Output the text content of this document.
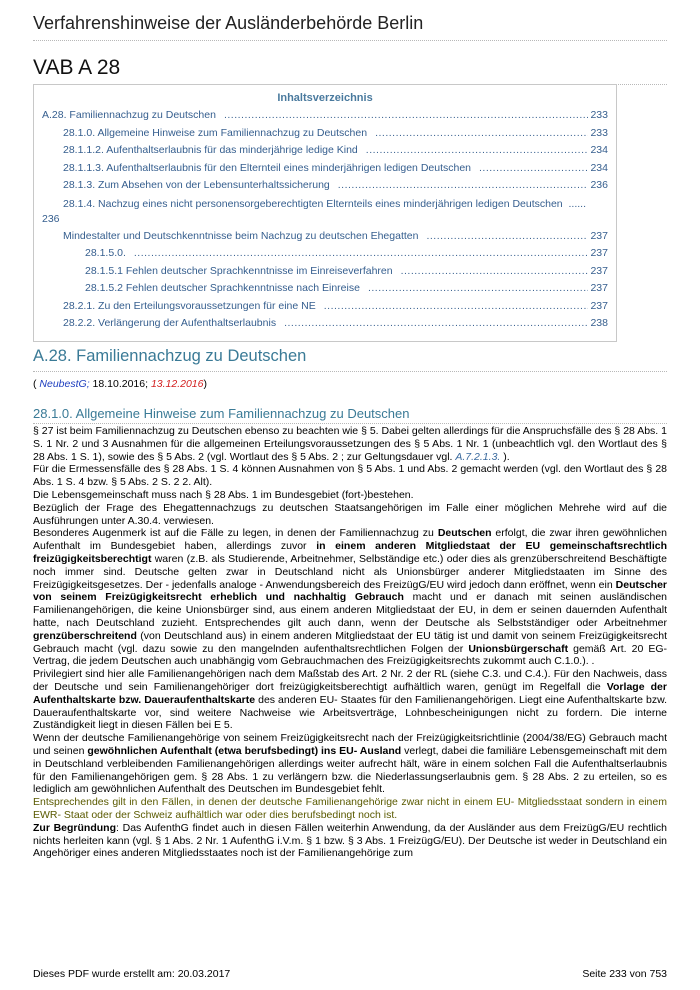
Verfahrenshinweise der Ausländerbehörde Berlin
VAB A 28
Inhaltsverzeichnis
A.28. Familiennachzug zu Deutschen .....	233
28.1.0. Allgemeine Hinweise zum Familiennachzug zu Deutschen .....	233
28.1.1.2. Aufenthaltserlaubnis für das minderjährige ledige Kind .....	234
28.1.1.3. Aufenthaltserlaubnis für den Elternteil eines minderjährigen ledigen Deutschen .....	234
28.1.3. Zum Absehen von der Lebensunterhaltssicherung .....	236
28.1.4. Nachzug eines nicht personensorgeberechtigten Elternteils eines minderjährigen ledigen Deutschen ......
236
Mindestalter und Deutschkenntnisse beim Nachzug zu deutschen Ehegatten .....	237
28.1.5.0. .....	237
28.1.5.1 Fehlen deutscher Sprachkenntnisse im Einreiseverfahren .....	237
28.1.5.2 Fehlen deutscher Sprachkenntnisse nach Einreise .....	237
28.2.1. Zu den Erteilungsvoraussetzungen für eine NE .....	237
28.2.2. Verlängerung der Aufenthaltserlaubnis .....	238
A.28. Familiennachzug zu Deutschen
( NeubestG; 18.10.2016; 13.12.2016)
28.1.0. Allgemeine Hinweise zum Familiennachzug zu Deutschen

§ 27 ist beim Familiennachzug zu Deutschen ebenso zu beachten wie § 5. Dabei gelten allerdings für die Anspruchsfälle des § 28 Abs. 1 S. 1 Nr. 2 und 3 Ausnahmen für die allgemeinen Erteilungsvoraussetzungen des § 5 Abs. 1 Nr. 1 (unbeachtlich vgl. den Wortlaut des § 28 Abs. 1 S. 1), sowie des § 5 Abs. 2 (vgl. Wortlaut des § 5 Abs. 2 ; zur Geltungsdauer vgl. A.7.2.1.3. ).

Für die Ermessensfälle des § 28 Abs. 1 S. 4 können Ausnahmen von § 5 Abs. 1 und Abs. 2 gemacht werden (vgl. den Wortlaut des § 28 Abs. 1 S. 4 bzw. § 5 Abs. 2 S. 2 2. Alt).

Die Lebensgemeinschaft muss nach § 28 Abs. 1 im Bundesgebiet (fort-)bestehen.

Bezüglich der Frage des Ehegattennachzugs zu deutschen Staatsangehörigen im Falle einer möglichen Mehrehe wird auf die Ausführungen unter A.30.4. verwiesen.

Besonderes Augenmerk ist auf die Fälle zu legen, in denen der Familiennachzug zu Deutschen erfolgt, die zwar ihren gewöhnlichen Aufenthalt im Bundesgebiet haben, allerdings zuvor in einem anderen Mitgliedstaat der EU gemeinschaftsrechtlich freizügigkeitsberechtigt waren (z.B. als Studierende, Arbeitnehmer, Selbständige etc.) oder dies als grenzüberschreitend Beschäftigte noch immer sind. Deutsche gelten zwar in Deutschland nicht als Unionsbürger anderer Mitgliedstaaten im Sinne des Freizügigkeitsgesetzes. Der - jedenfalls analoge - Anwendungsbereich des FreizügG/EU wird jedoch dann eröffnet, wenn ein Deutscher von seinem Freizügigkeitsrecht erheblich und nachhaltig Gebrauch macht und er danach mit seinen ausländischen Familienangehörigen, die keine Unionsbürger sind, aus einem anderen Mitgliedstaat der EU, in dem er seinen dauernden Aufenthalt hatte, nach Deutschland zuzieht. Entsprechendes gilt auch dann, wenn der Deutsche als Selbstständiger oder Arbeitnehmer grenzüberschreitend (von Deutschland aus) in einem anderen Mitgliedstaat der EU tätig ist und damit von seinem Freizügigkeitsrecht Gebrauch macht (vgl. dazu sowie zu den mangelnden aufenthaltsrechtlichen Folgen der Unionsbürgerschaft gemäß Art. 20 EG-Vertrag, die jedem Deutschen auch unabhängig vom Gebrauchmachen des Freizügigkeitsrechts zukommt auch C.1.0.). .

Privilegiert sind hier alle Familienangehörigen nach dem Maßstab des Art. 2 Nr. 2 der RL (siehe C.3. und C.4.). Für den Nachweis, dass der Deutsche und sein Familienangehöriger dort freizügigkeitsberechtigt aufhältlich waren, genügt im Regelfall die Vorlage der Aufenthaltskarte bzw. Daueraufenthaltskarte des anderen EU- Staates für den Familienangehörigen. Liegt eine Aufenthaltskarte bzw. Daueraufenthaltskarte vor, sind weitere Nachweise wie Arbeitsverträge, Lohnbescheinigungen nicht zu fordern. Die interne Zuständigkeit liegt in diesen Fällen bei E 5.

Wenn der deutsche Familienangehörige von seinem Freizügigkeitsrecht nach der Freizügigkeitsrichtlinie (2004/38/EG) Gebrauch macht und seinen gewöhnlichen Aufenthalt (etwa berufsbedingt) ins EU- Ausland verlegt, dabei die familiäre Lebensgemeinschaft mit dem in Deutschland verbleibenden Familienangehörigen allerdings weiter aufrecht hält, wäre in einem solchen Fall die Aufenthaltserlaubnis für den Familienangehörigen gem. § 28 Abs. 1 zu verlängern bzw. die Niederlassungserlaubnis gem. § 28 Abs. 2 zu erteilen, so es lediglich am gewöhnlichen Aufenthalt des Deutschen im Bundesgebiet fehlt.

Entsprechendes gilt in den Fällen, in denen der deutsche Familienangehörige zwar nicht in einem EU- Mitgliedsstaat sondern in einem EWR- Staat oder der Schweiz aufhältlich war oder dies berufsbedingt noch ist.

Zur Begründung: Das AufenthG findet auch in diesen Fällen weiterhin Anwendung, da der Ausländer aus dem FreizügG/EU rechtlich nichts herleiten kann (vgl. § 1 Abs. 2 Nr. 1 AufenthG i.V.m. § 1 bzw. § 3 Abs. 1 FreizügG/EU). Der Deutsche ist weder in Deutschland ein Angehöriger eines anderen Mitgliedsstaates noch ist der Familienangehörige zum

Dieses PDF wurde erstellt am: 20.03.2017	Seite 233 von 753
